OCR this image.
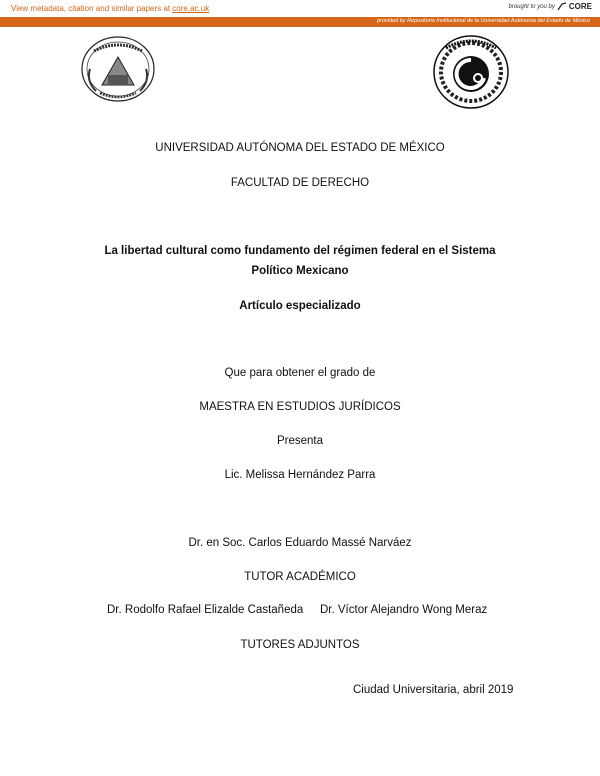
View metadata, citation and similar papers at core.ac.uk	brought to you by CORE
provided by Repositorio Institucional de la Universidad Autónoma del Estado de México
UNIVERSIDAD AUTÓNOMA DEL ESTADO DE MÉXICO
FACULTAD DE DERECHO
La libertad cultural como fundamento del régimen federal en el Sistema
Político Mexicano
Artículo especializado
Que para obtener el grado de
MAESTRA EN ESTUDIOS JURÍDICOS
Presenta
Lic. Melissa Hernández Parra
Dr. en Soc. Carlos Eduardo Massé Narváez
TUTOR ACADÉMICO
Dr. Rodolfo Rafael Elizalde Castañeda Dr. Víctor Alejandro Wong Meraz
TUTORES ADJUNTOS
Ciudad Universitaria, abril 2019
